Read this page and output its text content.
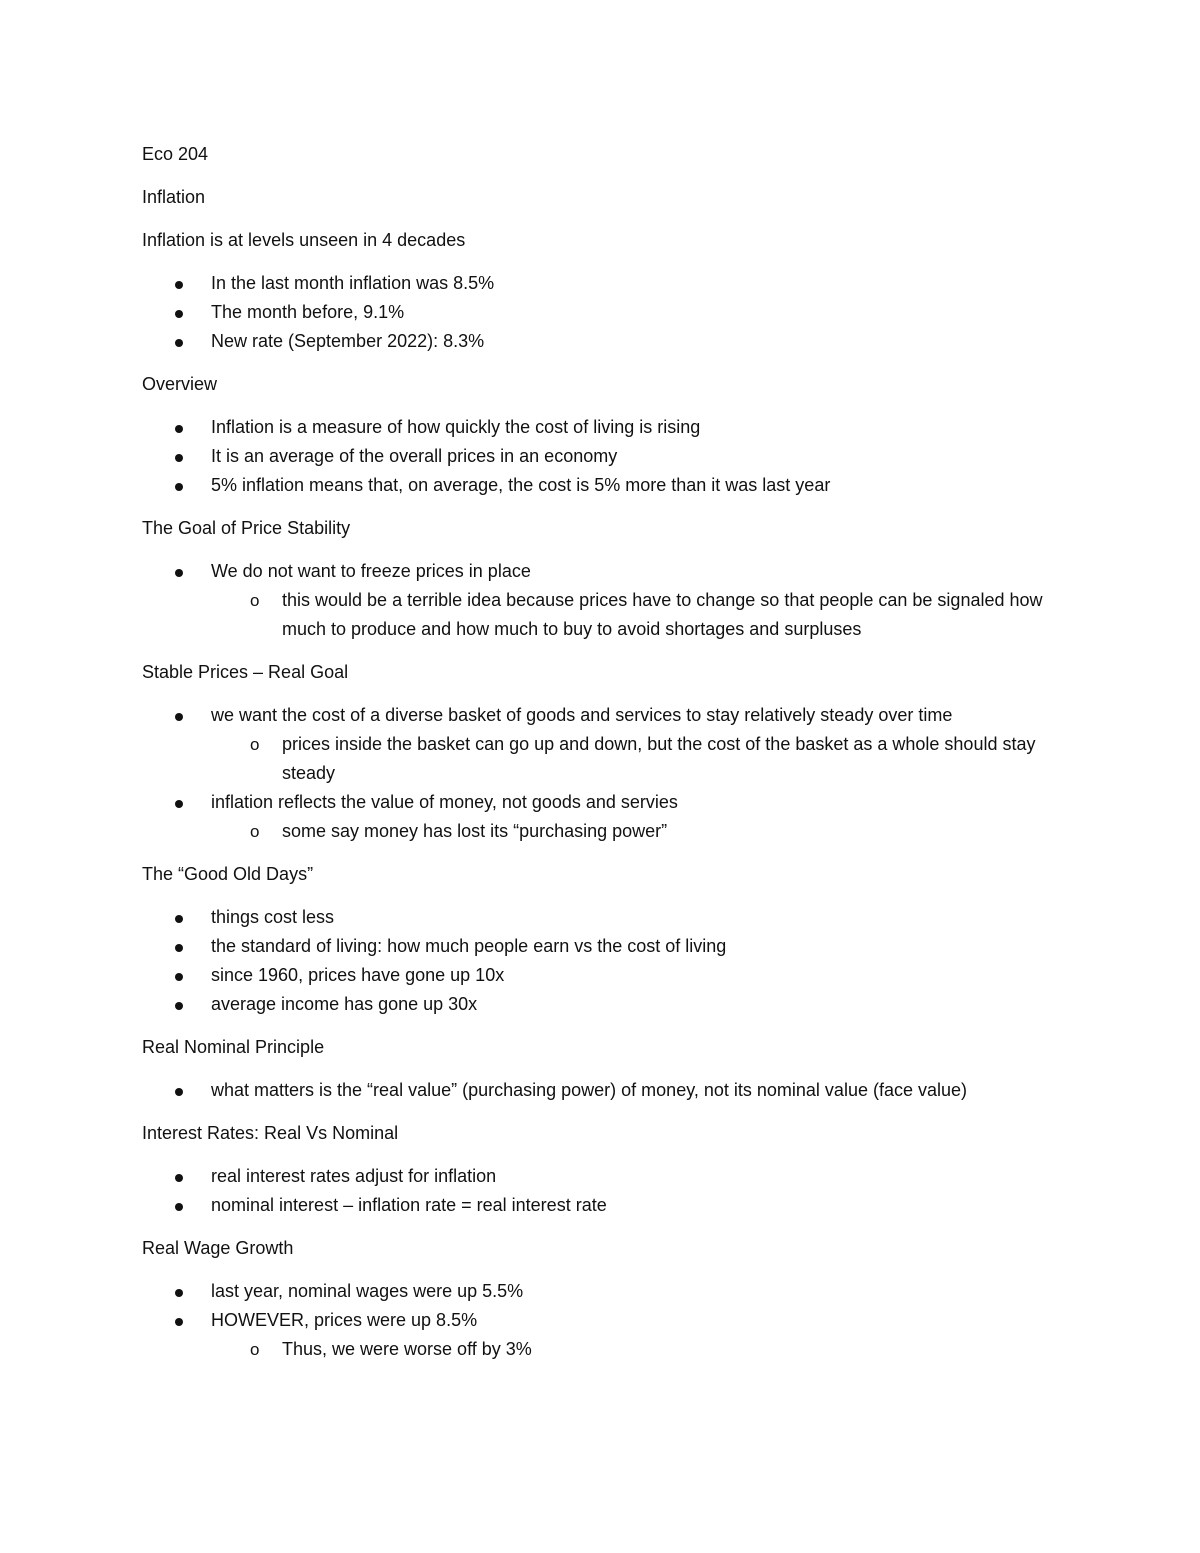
Eco 204

Inflation

Inflation is at levels unseen in 4 decades

In the last month inflation was 8.5%
The month before, 9.1%
New rate (September 2022): 8.3%

Overview

Inflation is a measure of how quickly the cost of living is rising
It is an average of the overall prices in an economy
5% inflation means that, on average, the cost is 5% more than it was last year

The Goal of Price Stability

We do not want to freeze prices in place
o this would be a terrible idea because prices have to change so that people can be signaled how much to produce and how much to buy to avoid shortages and surpluses

Stable Prices – Real Goal

we want the cost of a diverse basket of goods and services to stay relatively steady over time
o prices inside the basket can go up and down, but the cost of the basket as a whole should stay steady
inflation reflects the value of money, not goods and servies
o some say money has lost its “purchasing power”

The “Good Old Days”

things cost less
the standard of living: how much people earn vs the cost of living
since 1960, prices have gone up 10x
average income has gone up 30x

Real Nominal Principle

what matters is the “real value” (purchasing power) of money, not its nominal value (face value)

Interest Rates: Real Vs Nominal

real interest rates adjust for inflation
nominal interest – inflation rate = real interest rate

Real Wage Growth

last year, nominal wages were up 5.5%
HOWEVER, prices were up 8.5%
o Thus, we were worse off by 3%
